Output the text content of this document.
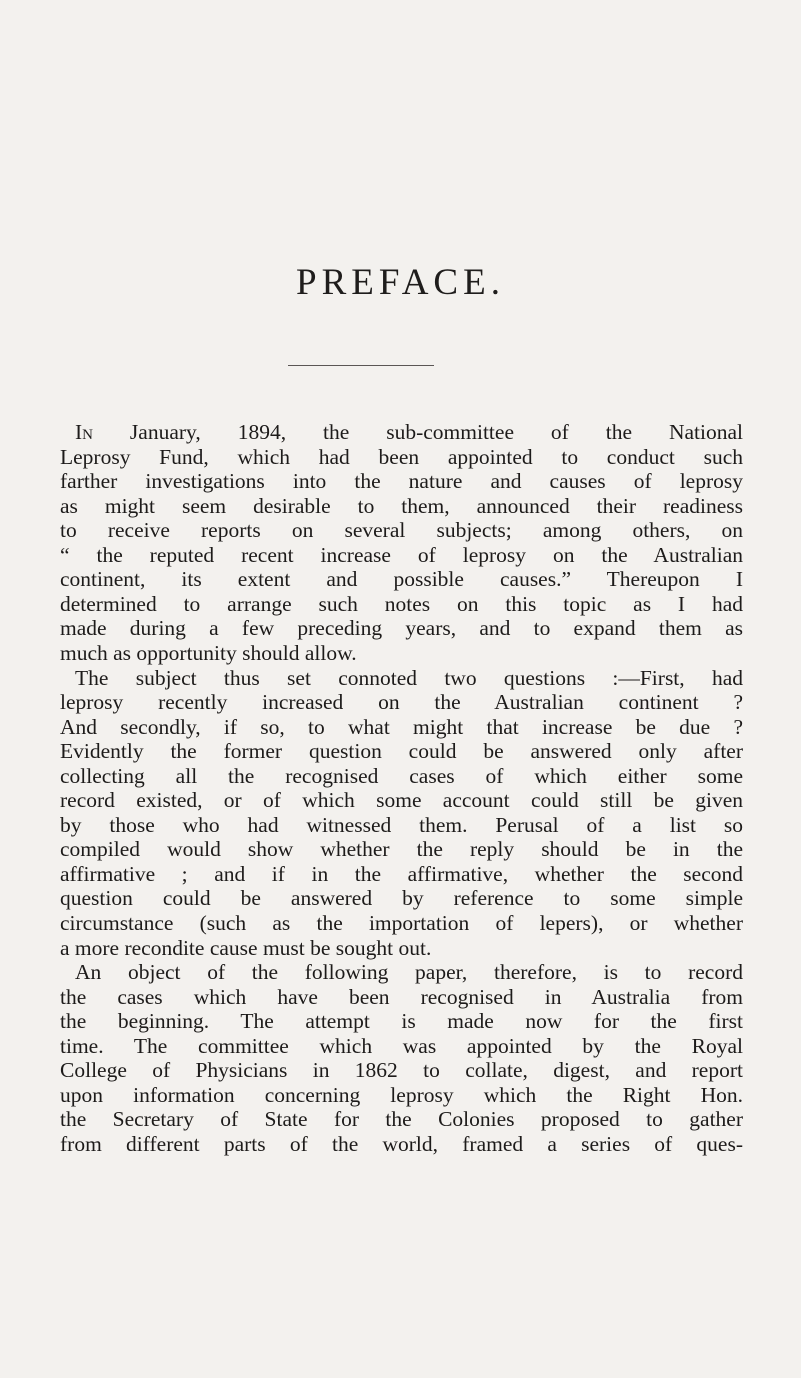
PREFACE.
In January, 1894, the sub-committee of the National
Leprosy Fund, which had been appointed to conduct such
farther investigations into the nature and causes of leprosy
as might seem desirable to them, announced their readiness
to receive reports on several subjects; among others, on
“ the reputed recent increase of leprosy on the Australian
continent, its extent and possible causes.” Thereupon I
determined to arrange such notes on this topic as I had
made during a few preceding years, and to expand them as
much as opportunity should allow.
The subject thus set connoted two questions :—First, had
leprosy recently increased on the Australian continent ?
And secondly, if so, to what might that increase be due ?
Evidently the former question could be answered only after
collecting all the recognised cases of which either some
record existed, or of which some account could still be given
by those who had witnessed them. Perusal of a list so
compiled would show whether the reply should be in the
affirmative ; and if in the affirmative, whether the second
question could be answered by reference to some simple
circumstance (such as the importation of lepers), or whether
a more recondite cause must be sought out.
An object of the following paper, therefore, is to record
the cases which have been recognised in Australia from
the beginning. The attempt is made now for the first
time. The committee which was appointed by the Royal
College of Physicians in 1862 to collate, digest, and report
upon information concerning leprosy which the Right Hon.
the Secretary of State for the Colonies proposed to gather
from different parts of the world, framed a series of ques-
